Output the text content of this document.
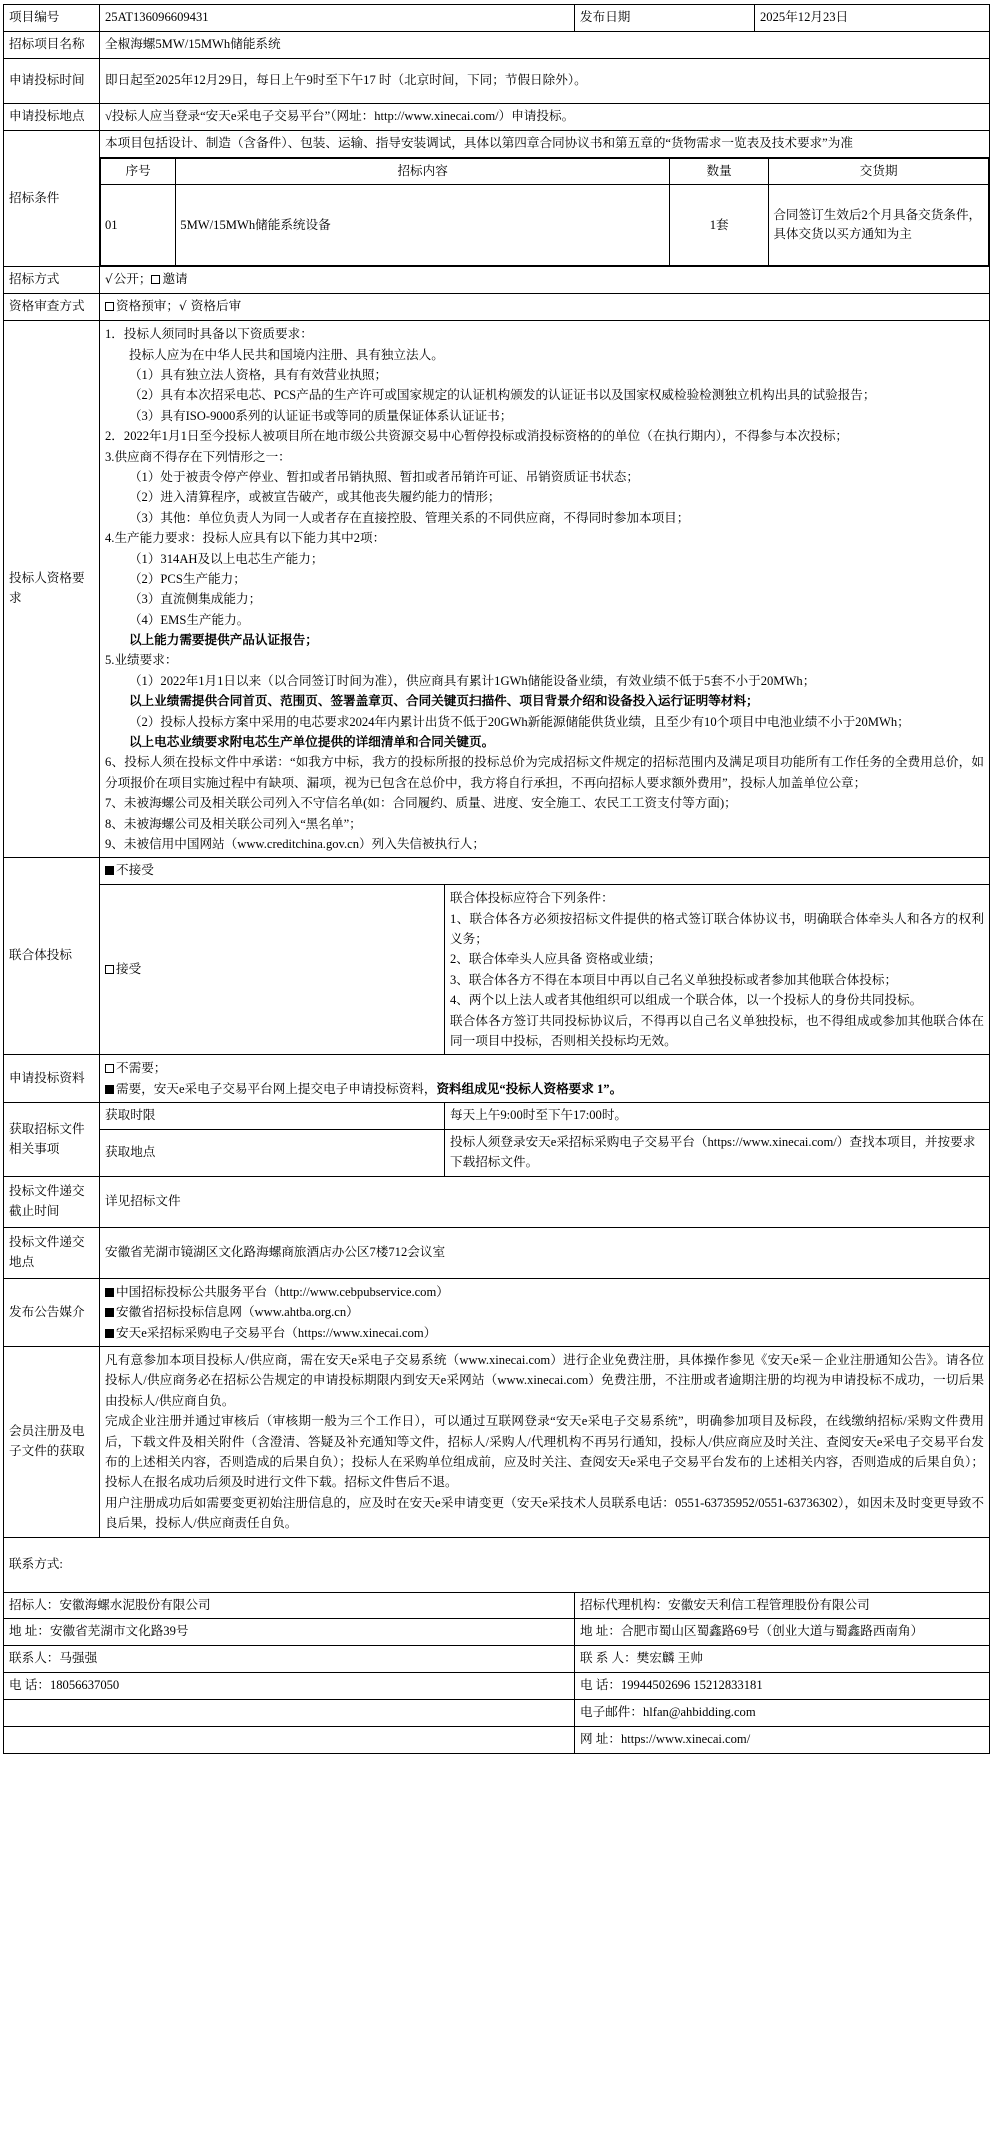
项目编号	25AT136096609431	发布日期	2025年12月23日
招标项目名称	全椒海螺5MW/15MWh储能系统
申请投标时间	即日起至2025年12月29日，每日上午9时至下午17 时（北京时间，下同；节假日除外）。
申请投标地点	√投标人应当登录“安天e采电子交易平台”（网址：http://www.xinecai.com/）申请投标。
招标条件	
本项目包括设计、制造（含备件）、包装、运输、指导安装调试，具体以第四章合同协议书和第五章的“货物需求一览表及技术要求”为准
序号	招标内容	数量	交货期
01	5MW/15MWh储能系统设备	1套	合同签订生效后2个月具备交货条件，具体交货以买方通知为主

招标方式	√公开； 邀请
资格审查方式	资格预审；√ 资格后审
投标人资格要求	

1．投标人须同时具备以下资质要求：

投标人应为在中华人民共和国境内注册、具有独立法人。

（1）具有独立法人资格，具有有效营业执照；

（2）具有本次招采电芯、PCS产品的生产许可或国家规定的认证机构颁发的认证证书以及国家权威检验检测独立机构出具的试验报告；

（3）具有ISO-9000系列的认证证书或等同的质量保证体系认证证书；

2．2022年1月1日至今投标人被项目所在地市级公共资源交易中心暂停投标或消投标资格的的单位（在执行期内），不得参与本次投标；

3.供应商不得存在下列情形之一：

（1）处于被责令停产停业、暂扣或者吊销执照、暂扣或者吊销许可证、吊销资质证书状态；

（2）进入清算程序，或被宣告破产，或其他丧失履约能力的情形；

（3）其他：单位负责人为同一人或者存在直接控股、管理关系的不同供应商，不得同时参加本项目；

4.生产能力要求：投标人应具有以下能力其中2项：

（1）314AH及以上电芯生产能力；

（2）PCS生产能力；

（3）直流侧集成能力；

（4）EMS生产能力。

以上能力需要提供产品认证报告；

5.业绩要求：

（1）2022年1月1日以来（以合同签订时间为准），供应商具有累计1GWh储能设备业绩，有效业绩不低于5套不小于20MWh；

以上业绩需提供合同首页、范围页、签署盖章页、合同关键页扫描件、项目背景介绍和设备投入运行证明等材料；

（2）投标人投标方案中采用的电芯要求2024年内累计出货不低于20GWh新能源储能供货业绩，且至少有10个项目中电池业绩不小于20MWh；

以上电芯业绩要求附电芯生产单位提供的详细清单和合同关键页。

6、投标人须在投标文件中承诺：“如我方中标，我方的投标所报的投标总价为完成招标文件规定的招标范围内及满足项目功能所有工作任务的全费用总价，如分项报价在项目实施过程中有缺项、漏项，视为已包含在总价中，我方将自行承担，不再向招标人要求额外费用”，投标人加盖单位公章；

7、未被海螺公司及相关联公司列入不守信名单(如：合同履约、质量、进度、安全施工、农民工工资支付等方面)；

8、未被海螺公司及相关联公司列入“黑名单”；

9、未被信用中国网站（www.creditchina.gov.cn）列入失信被执行人；

联合体投标	不接受
接受	

联合体投标应符合下列条件：

1、联合体各方必须按招标文件提供的格式签订联合体协议书，明确联合体牵头人和各方的权利义务；

2、联合体牵头人应具备 资格或业绩；

3、联合体各方不得在本项目中再以自己名义单独投标或者参加其他联合体投标；

4、两个以上法人或者其他组织可以组成一个联合体，以一个投标人的身份共同投标。

联合体各方签订共同投标协议后，不得再以自己名义单独投标，也不得组成或参加其他联合体在同一项目中投标，否则相关投标均无效。

申请投标资料	

不需要；

需要，安天e采电子交易平台网上提交电子申请投标资料，资料组成见“投标人资格要求 1”。

获取招标文件相关事项	获取时限	每天上午9:00时至下午17:00时。
获取地点	投标人须登录安天e采招标采购电子交易平台（https://www.xinecai.com/）查找本项目，并按要求下载招标文件。
投标文件递交截止时间	详见招标文件
投标文件递交地点	安徽省芜湖市镜湖区文化路海螺商旅酒店办公区7楼712会议室
发布公告媒介	

中国招标投标公共服务平台（http://www.cebpubservice.com）

安徽省招标投标信息网（www.ahtba.org.cn）

安天e采招标采购电子交易平台（https://www.xinecai.com）

会员注册及电子文件的获取	

凡有意参加本项目投标人/供应商，需在安天e采电子交易系统（www.xinecai.com）进行企业免费注册，具体操作参见《安天e采－企业注册通知公告》。请各位投标人/供应商务必在招标公告规定的申请投标期限内到安天e采网站（www.xinecai.com）免费注册，不注册或者逾期注册的均视为申请投标不成功，一切后果由投标人/供应商自负。

完成企业注册并通过审核后（审核期一般为三个工作日），可以通过互联网登录“安天e采电子交易系统”，明确参加项目及标段，在线缴纳招标/采购文件费用后，下载文件及相关附件（含澄清、答疑及补充通知等文件，招标人/采购人/代理机构不再另行通知，投标人/供应商应及时关注、查阅安天e采电子交易平台发布的上述相关内容，否则造成的后果自负）；投标人在采购单位组成前，应及时关注、查阅安天e采电子交易平台发布的上述相关内容，否则造成的后果自负）；投标人在报名成功后须及时进行文件下载。招标文件售后不退。

用户注册成功后如需要变更初始注册信息的，应及时在安天e采申请变更（安天e采技术人员联系电话：0551-63735952/0551-63736302），如因未及时变更导致不良后果，投标人/供应商责任自负。

联系方式:
招标人：安徽海螺水泥股份有限公司	招标代理机构：安徽安天利信工程管理股份有限公司
地 址：安徽省芜湖市文化路39号	地 址：合肥市蜀山区蜀鑫路69号（创业大道与蜀鑫路西南角）
联系人：马强强	联 系 人：樊宏麟 王帅
电 话：18056637050	电 话：19944502696 15212833181
	电子邮件：hlfan@ahbidding.com
	网 址：https://www.xinecai.com/
